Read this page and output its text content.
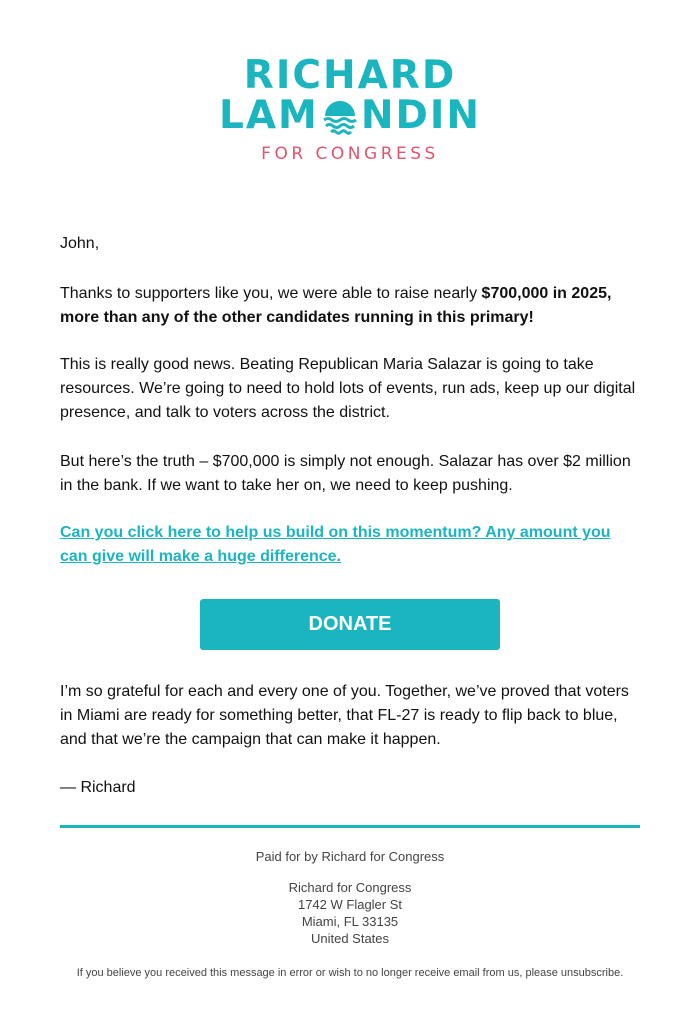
RICHARD
LAM NDIN
FOR CONGRESS
John,
Thanks to supporters like you, we were able to raise nearly $700,000 in 2025, more than any of the other candidates running in this primary!
This is really good news. Beating Republican Maria Salazar is going to take resources. We’re going to need to hold lots of events, run ads, keep up our digital presence, and talk to voters across the district.
But here’s the truth – $700,000 is simply not enough. Salazar has over $2 million in the bank. If we want to take her on, we need to keep pushing.
Can you click here to help us build on this momentum? Any amount you can give will make a huge difference.
DONATE
I’m so grateful for each and every one of you. Together, we’ve proved that voters in Miami are ready for something better, that FL-27 is ready to flip back to blue, and that we’re the campaign that can make it happen.
— Richard
Paid for by Richard for Congress
Richard for Congress
1742 W Flagler St
Miami, FL 33135
United States
If you believe you received this message in error or wish to no longer receive email from us, please unsubscribe.
